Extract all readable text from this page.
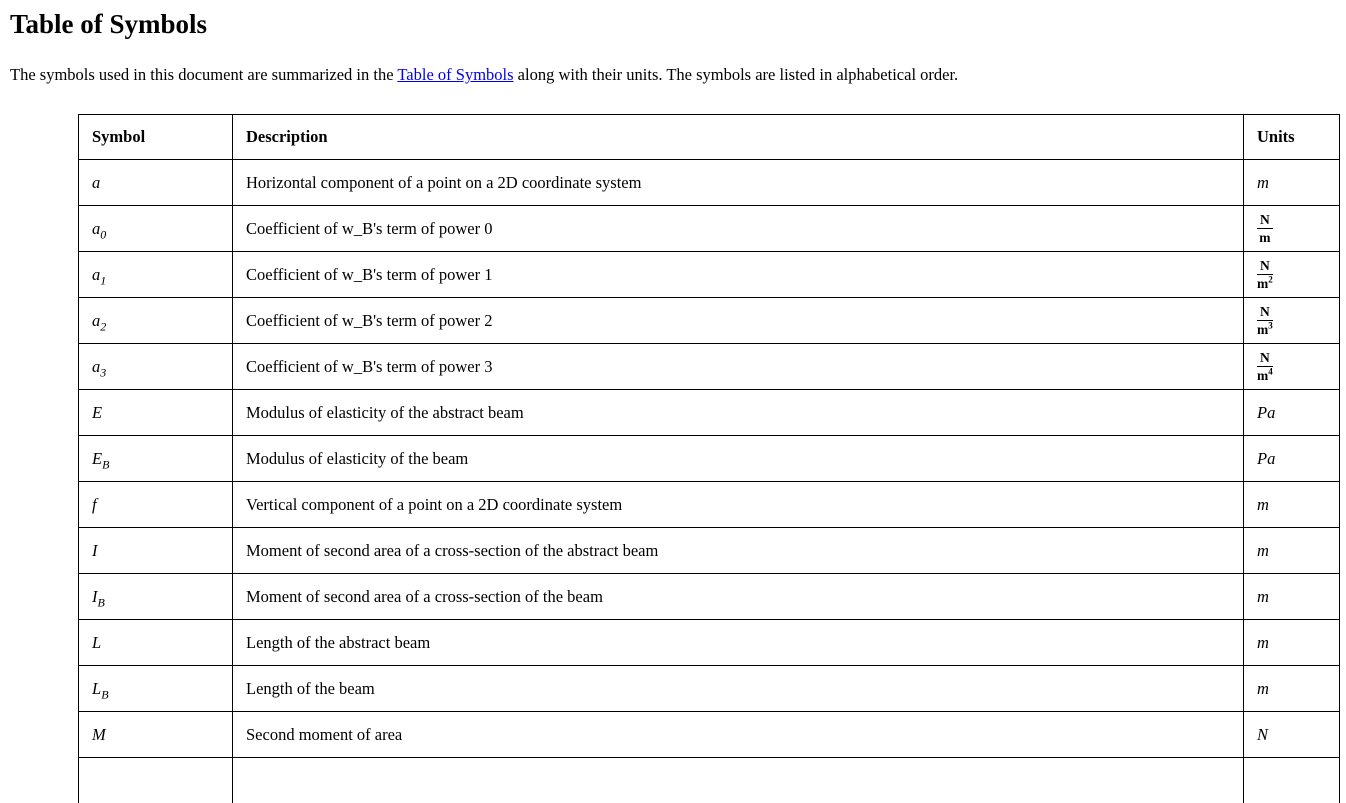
Table of Symbols

The symbols used in this document are summarized in the Table of Symbols along with their units. The symbols are listed in alphabetical order.

Symbol	Description	Units
a	Horizontal component of a point on a 2D coordinate system	m
$a_0$	Coefficient of w_B's term of power 0	$\frac{N}{m}$

$a_1$	Coefficient of w_B's term of power 1	$\frac{N}{m^2}$

$a_2$	Coefficient of w_B's term of power 2	$\frac{N}{m^3}$

$a_3$	Coefficient of w_B's term of power 3	$\frac{N}{m^4}$

E	Modulus of elasticity of the abstract beam	Pa
$E_B$	Modulus of elasticity of the beam	Pa
f	Vertical component of a point on a 2D coordinate system	m
I	Moment of second area of a cross-section of the abstract beam	m
$I_B$	Moment of second area of a cross-section of the beam	m
L	Length of the abstract beam	m
$L_B$	Length of the beam	m
M	Second moment of area	N
